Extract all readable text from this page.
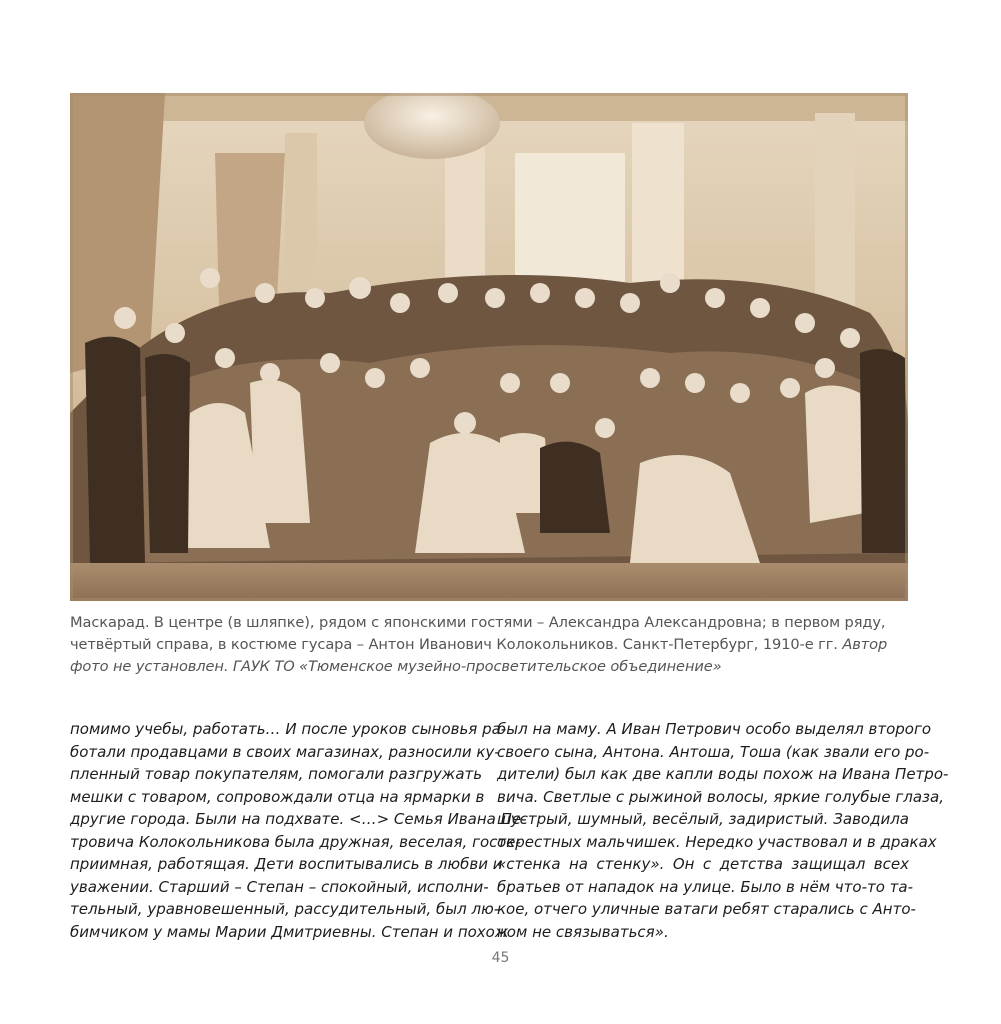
Маскарад. В центре (в шляпке), рядом с японскими гостями – Александра Александровна; в первом ряду, четвёртый справа, в костюме гусара – Антон Иванович Колокольников. Санкт-Петербург, 1910-е гг. Автор фото не установлен. ГАУК ТО «Тюменское музейно-просветительское объединение»
помимо учебы, работать… И после уроков сыновья ра-
ботали продавцами в своих магазинах, разносили ку-
пленный товар покупателям, помогали разгружать
мешки с товаром, сопровождали отца на ярмарки в
другие города. Были на подхвате. <…> Семья Ивана Пе-
тровича Колокольникова была дружная, веселая, госте-
приимная, работящая. Дети воспитывались в любви и
уважении. Старший – Степан – спокойный, исполни-
тельный, уравновешенный, рассудительный, был лю-
бимчиком у мамы Марии Дмитриевны. Степан и похож
был на маму. А Иван Петрович особо выделял второго
своего сына, Антона. Антоша, Тоша (как звали его ро-
дители) был как две капли воды похож на Ивана Петро-
вича. Светлые с рыжиной волосы, яркие голубые глаза,
шустрый, шумный, весёлый, задиристый. Заводила
окрестных мальчишек. Нередко участвовал и в драках
«стенка на стенку». Он с детства защищал всех
братьев от нападок на улице. Было в нём что-то та-
кое, отчего уличные ватаги ребят старались с Анто-
ном не связываться».
45
